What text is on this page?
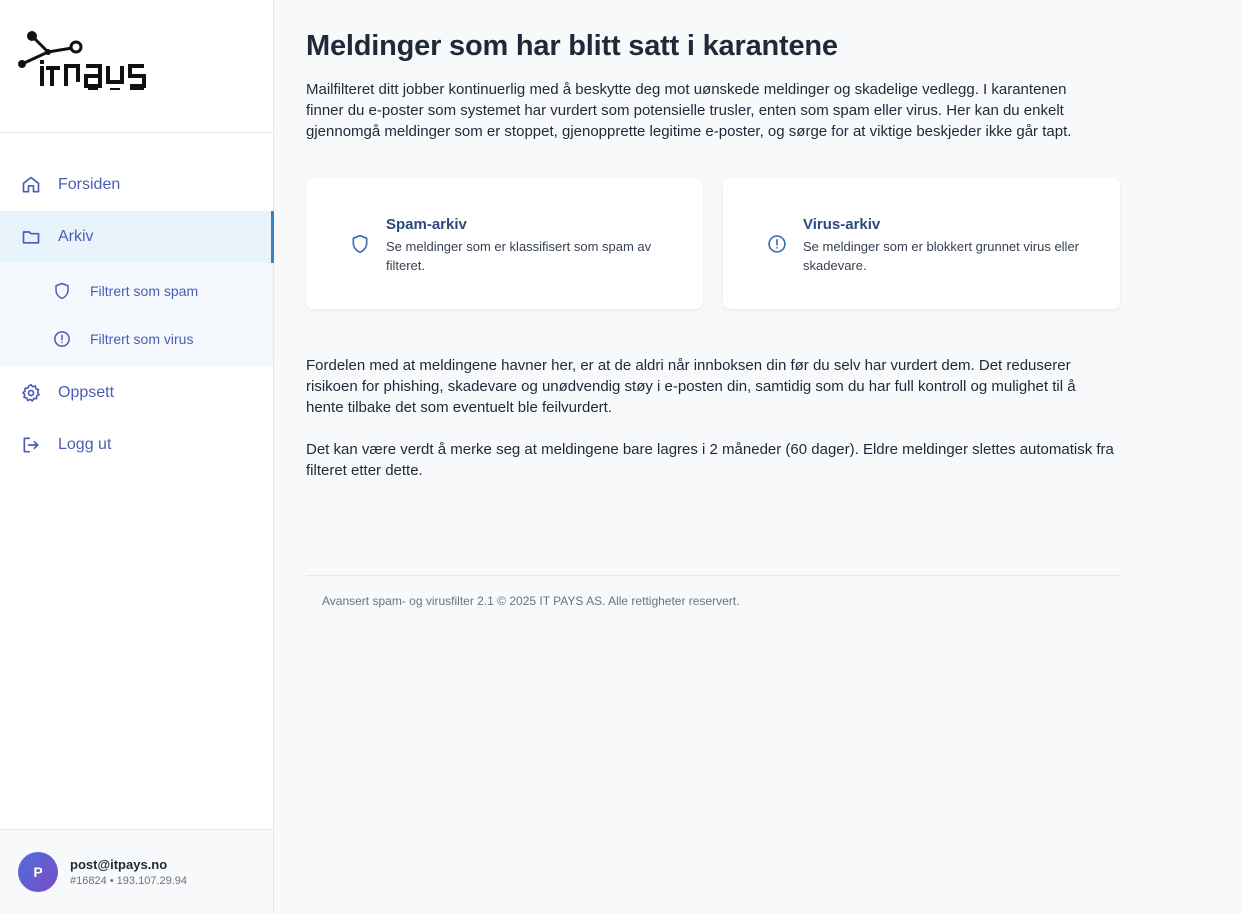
Forsiden
Arkiv
Filtrert som spam
Filtrert som virus
Oppsett
Logg ut
P	post@itpays.no
#16824 • 193.107.29.94
Meldinger som har blitt satt i karantene

Mailfilteret ditt jobber kontinuerlig med å beskytte deg mot uønskede meldinger og skadelige vedlegg. I karantenen finner du e-poster som systemet har vurdert som potensielle trusler, enten som spam eller virus. Her kan du enkelt gjennomgå meldinger som er stoppet, gjenopprette legitime e-poster, og sørge for at viktige beskjeder ikke går tapt.

Spam-arkiv
Se meldinger som er klassifisert som spam av filteret.
Virus-arkiv
Se meldinger som er blokkert grunnet virus eller skadevare.

Fordelen med at meldingene havner her, er at de aldri når innboksen din før du selv har vurdert dem. Det reduserer risikoen for phishing, skadevare og unødvendig støy i e-posten din, samtidig som du har full kontroll og mulighet til å hente tilbake det som eventuelt ble feilvurdert.

Det kan være verdt å merke seg at meldingene bare lagres i 2 måneder (60 dager). Eldre meldinger slettes automatisk fra filteret etter dette.

Avansert spam- og virusfilter 2.1 © 2025 IT PAYS AS. Alle rettigheter reservert.
